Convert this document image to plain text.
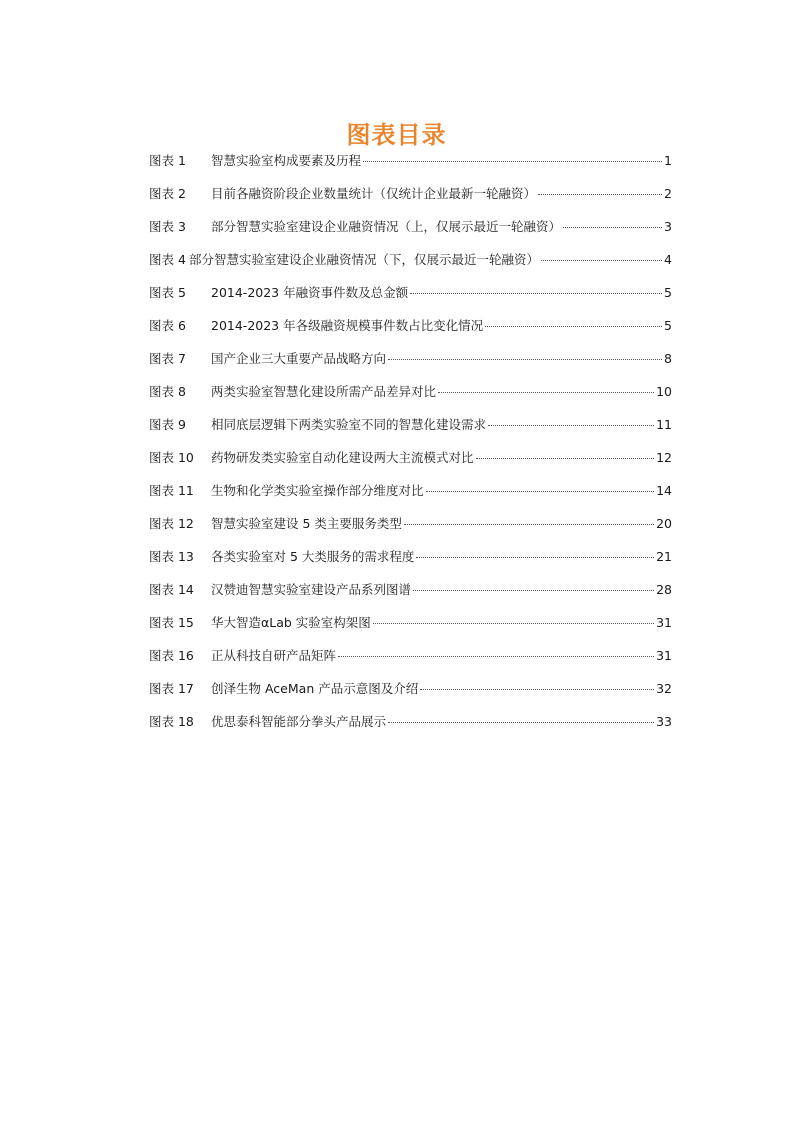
图表目录
图表 1	智慧实验室构成要素及历程	1
图表 2	目前各融资阶段企业数量统计（仅统计企业最新一轮融资）	2
图表 3	部分智慧实验室建设企业融资情况（上，仅展示最近一轮融资）	3
图表 4 部分智慧实验室建设企业融资情况（下，仅展示最近一轮融资）	4
图表 5	2014-2023 年融资事件数及总金额	5
图表 6	2014-2023 年各级融资规模事件数占比变化情况	5
图表 7	国产企业三大重要产品战略方向	8
图表 8	两类实验室智慧化建设所需产品差异对比	10
图表 9	相同底层逻辑下两类实验室不同的智慧化建设需求	11
图表 10	药物研发类实验室自动化建设两大主流模式对比	12
图表 11	生物和化学类实验室操作部分维度对比	14
图表 12	智慧实验室建设 5 类主要服务类型	20
图表 13	各类实验室对 5 大类服务的需求程度	21
图表 14	汉赞迪智慧实验室建设产品系列图谱	28
图表 15	华大智造αLab 实验室构架图	31
图表 16	正从科技自研产品矩阵	31
图表 17	创泽生物 AceMan 产品示意图及介绍	32
图表 18	优思泰科智能部分拳头产品展示	33
